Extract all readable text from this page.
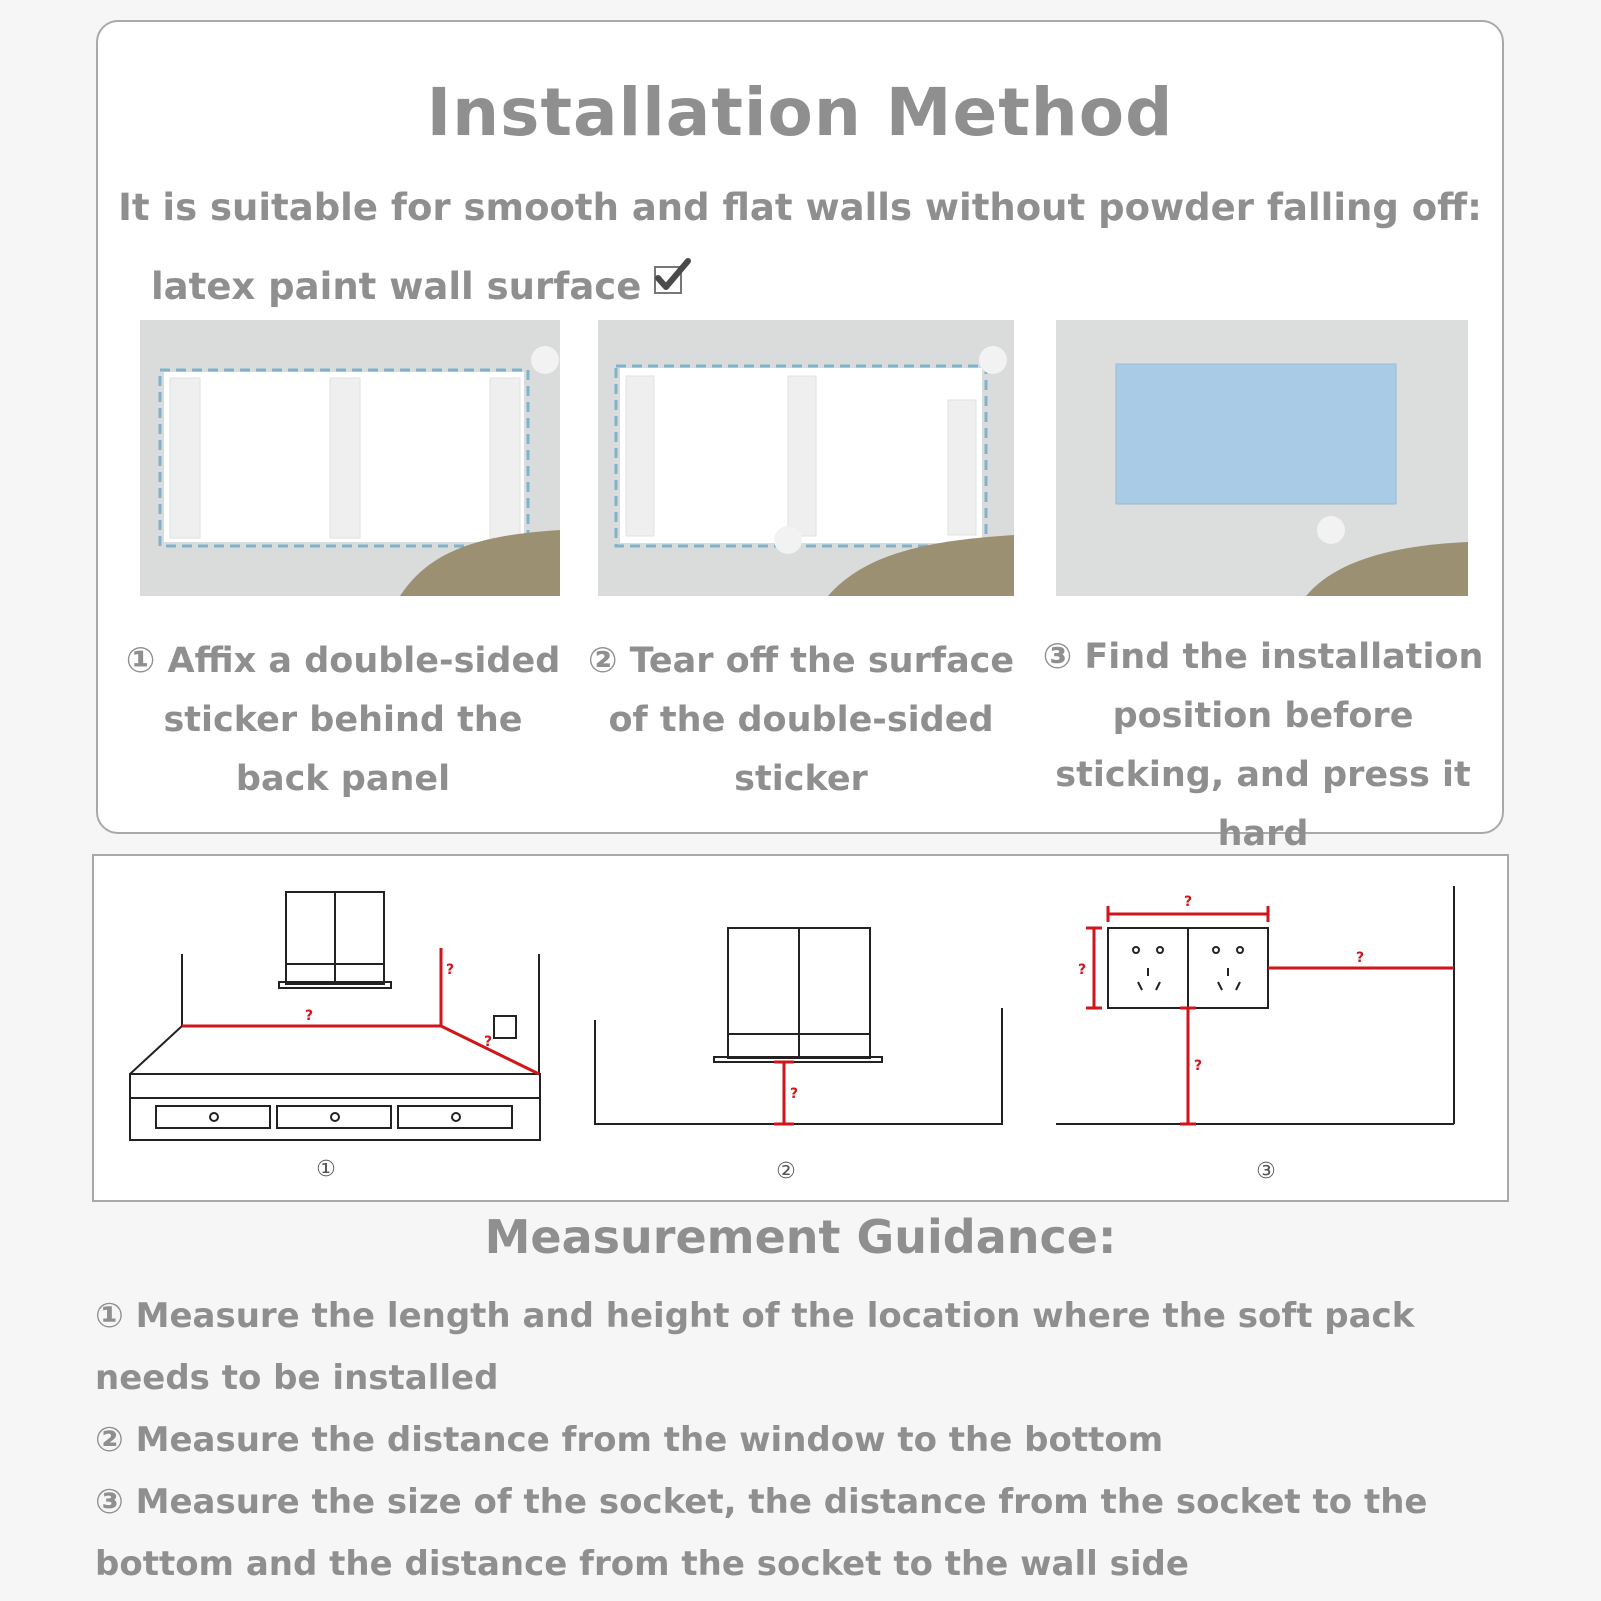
Installation Method
It is suitable for smooth and flat walls without powder falling off:
latex paint wall surface
① Affix a double-sided sticker behind the back panel
② Tear off the surface of the double-sided sticker
③ Find the installation position before sticking, and press it hard
?
?
?
?
?
?
?
?
①	②	③
Measurement Guidance:

① Measure the length and height of the location where the soft pack needs to be installed

② Measure the distance from the window to the bottom

③ Measure the size of the socket, the distance from the socket to the bottom and the distance from the socket to the wall side
